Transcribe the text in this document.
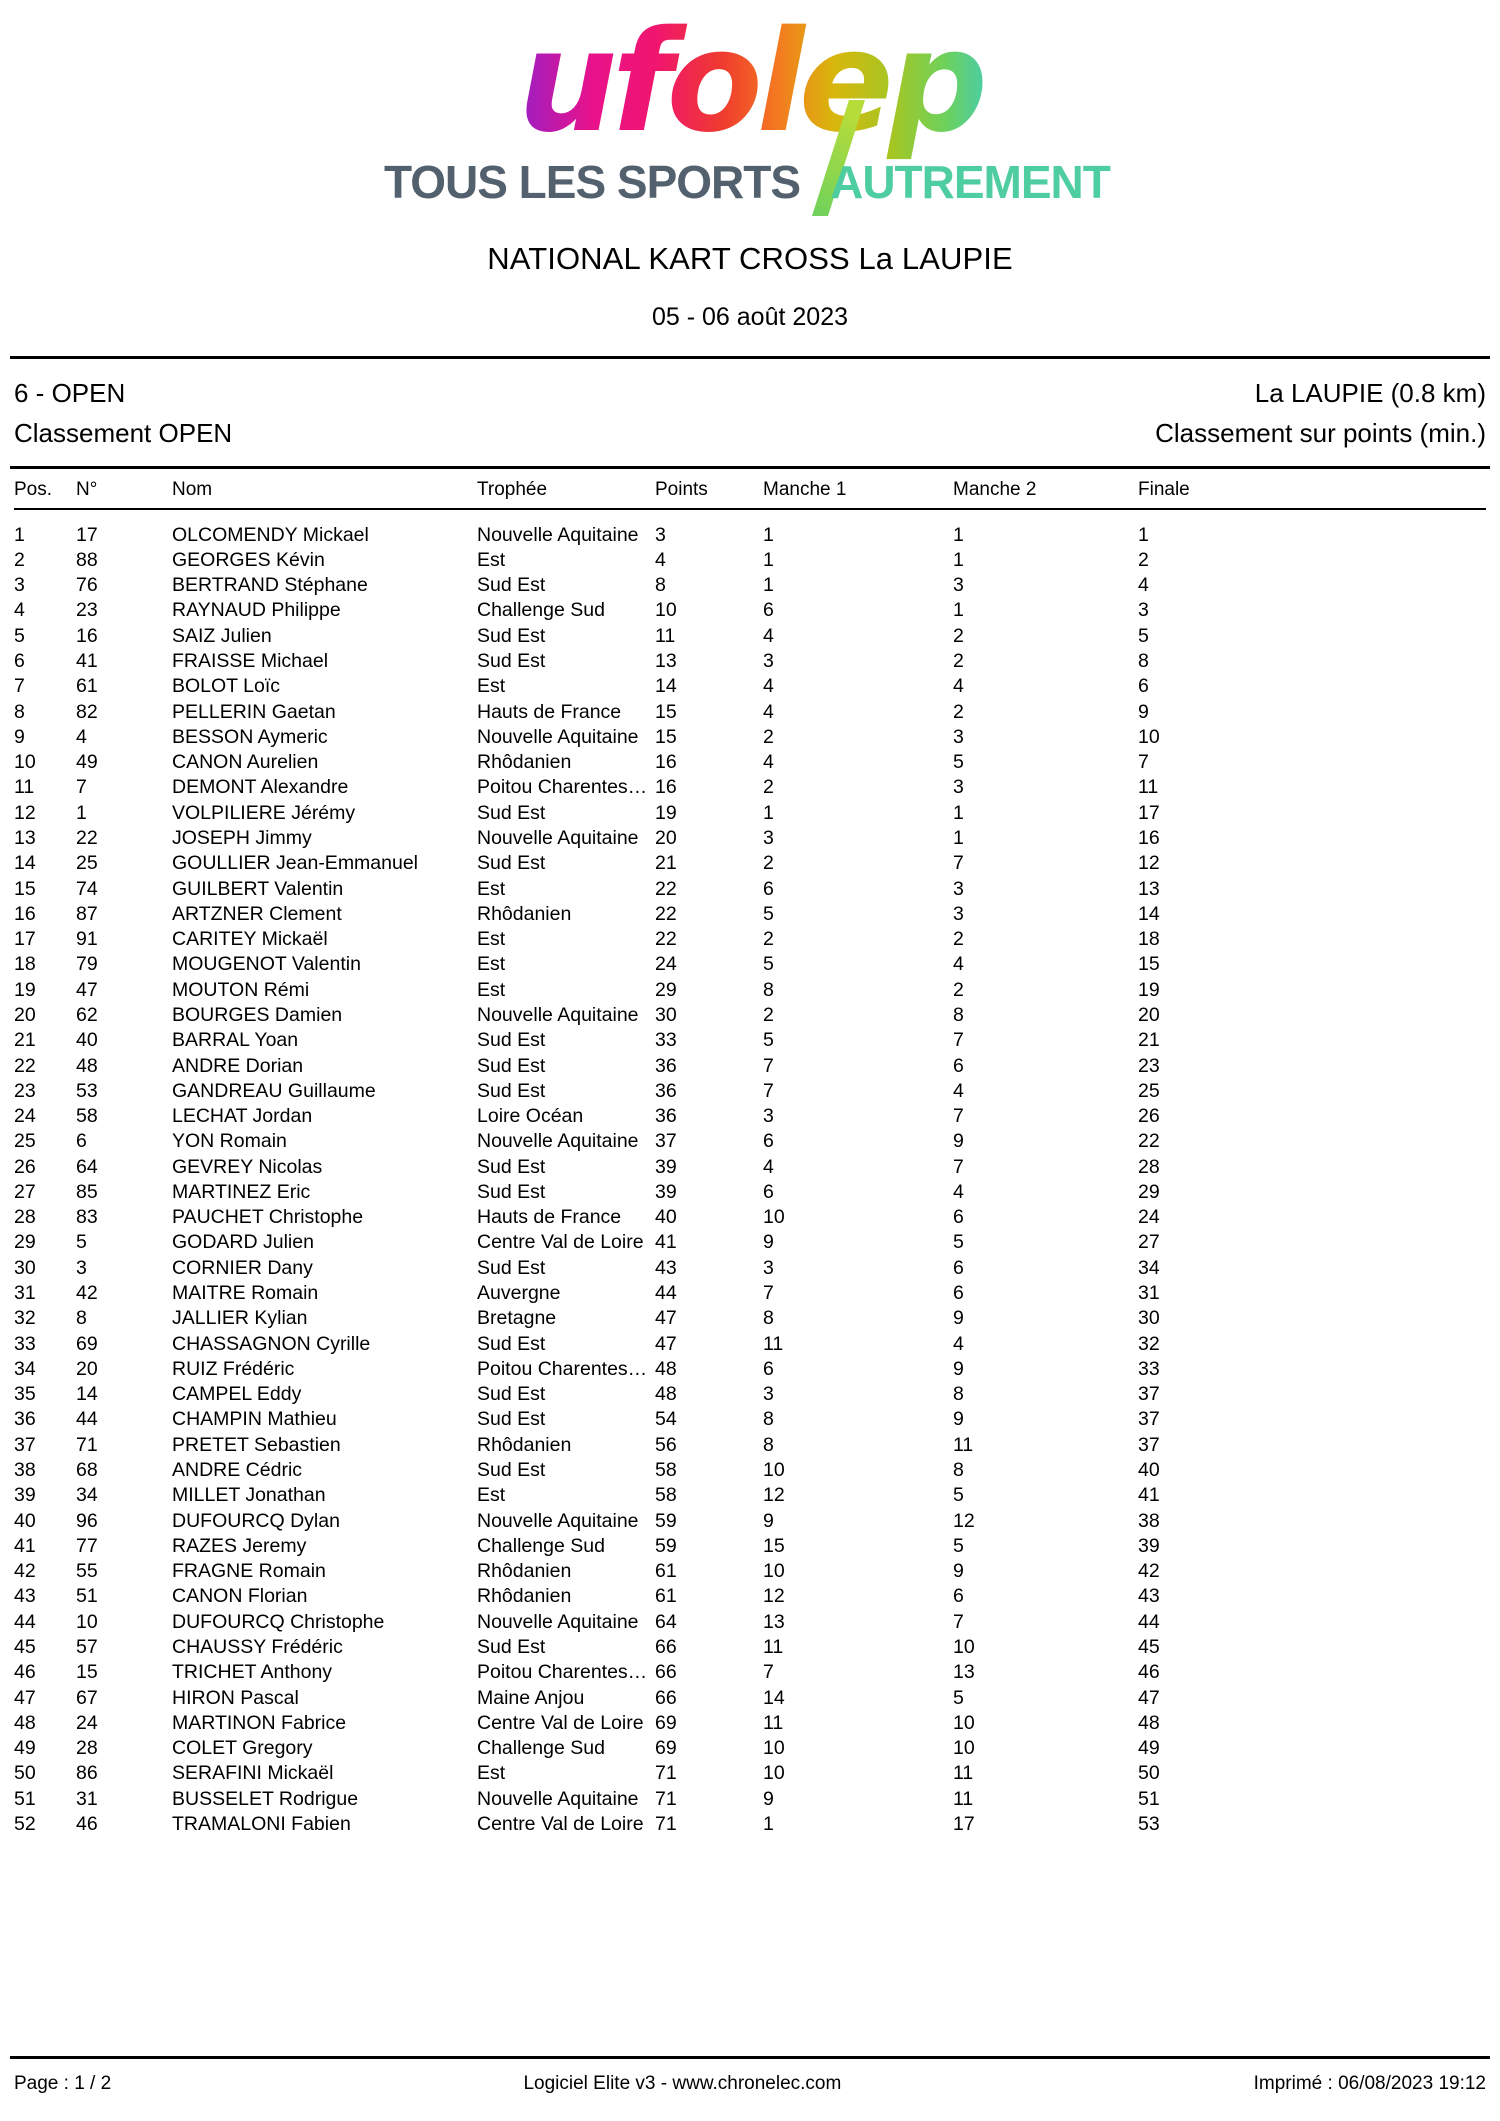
ufolep
TOUS LES SPORTS AUTREMENT
NATIONAL KART CROSS La LAUPIE
05 - 06 août 2023
6 - OPEN	La LAUPIE (0.8 km)
Classement OPEN	Classement sur points (min.)
Pos.	N°	Nom	Trophée	Points	Manche 1	Manche 2	Finale
1	17	OLCOMENDY Mickael	Nouvelle Aquitaine	3	1	1	1
2	88	GEORGES Kévin	Est	4	1	1	2
3	76	BERTRAND Stéphane	Sud Est	8	1	3	4
4	23	RAYNAUD Philippe	Challenge Sud	10	6	1	3
5	16	SAIZ Julien	Sud Est	11	4	2	5
6	41	FRAISSE Michael	Sud Est	13	3	2	8
7	61	BOLOT Loïc	Est	14	4	4	6
8	82	PELLERIN Gaetan	Hauts de France	15	4	2	9
9	4	BESSON Aymeric	Nouvelle Aquitaine	15	2	3	10
10	49	CANON Aurelien	Rhôdanien	16	4	5	7
11	7	DEMONT Alexandre	Poitou Charentes…	16	2	3	11
12	1	VOLPILIERE Jérémy	Sud Est	19	1	1	17
13	22	JOSEPH Jimmy	Nouvelle Aquitaine	20	3	1	16
14	25	GOULLIER Jean-Emmanuel	Sud Est	21	2	7	12
15	74	GUILBERT Valentin	Est	22	6	3	13
16	87	ARTZNER Clement	Rhôdanien	22	5	3	14
17	91	CARITEY Mickaël	Est	22	2	2	18
18	79	MOUGENOT Valentin	Est	24	5	4	15
19	47	MOUTON Rémi	Est	29	8	2	19
20	62	BOURGES Damien	Nouvelle Aquitaine	30	2	8	20
21	40	BARRAL Yoan	Sud Est	33	5	7	21
22	48	ANDRE Dorian	Sud Est	36	7	6	23
23	53	GANDREAU Guillaume	Sud Est	36	7	4	25
24	58	LECHAT Jordan	Loire Océan	36	3	7	26
25	6	YON Romain	Nouvelle Aquitaine	37	6	9	22
26	64	GEVREY Nicolas	Sud Est	39	4	7	28
27	85	MARTINEZ Eric	Sud Est	39	6	4	29
28	83	PAUCHET Christophe	Hauts de France	40	10	6	24
29	5	GODARD Julien	Centre Val de Loire	41	9	5	27
30	3	CORNIER Dany	Sud Est	43	3	6	34
31	42	MAITRE Romain	Auvergne	44	7	6	31
32	8	JALLIER Kylian	Bretagne	47	8	9	30
33	69	CHASSAGNON Cyrille	Sud Est	47	11	4	32
34	20	RUIZ Frédéric	Poitou Charentes…	48	6	9	33
35	14	CAMPEL Eddy	Sud Est	48	3	8	37
36	44	CHAMPIN Mathieu	Sud Est	54	8	9	37
37	71	PRETET Sebastien	Rhôdanien	56	8	11	37
38	68	ANDRE Cédric	Sud Est	58	10	8	40
39	34	MILLET Jonathan	Est	58	12	5	41
40	96	DUFOURCQ Dylan	Nouvelle Aquitaine	59	9	12	38
41	77	RAZES Jeremy	Challenge Sud	59	15	5	39
42	55	FRAGNE Romain	Rhôdanien	61	10	9	42
43	51	CANON Florian	Rhôdanien	61	12	6	43
44	10	DUFOURCQ Christophe	Nouvelle Aquitaine	64	13	7	44
45	57	CHAUSSY Frédéric	Sud Est	66	11	10	45
46	15	TRICHET Anthony	Poitou Charentes…	66	7	13	46
47	67	HIRON Pascal	Maine Anjou	66	14	5	47
48	24	MARTINON Fabrice	Centre Val de Loire	69	11	10	48
49	28	COLET Gregory	Challenge Sud	69	10	10	49
50	86	SERAFINI Mickaël	Est	71	10	11	50
51	31	BUSSELET Rodrigue	Nouvelle Aquitaine	71	9	11	51
52	46	TRAMALONI Fabien	Centre Val de Loire	71	1	17	53
Page : 1 / 2	Logiciel Elite v3 - www.chronelec.com	Imprimé : 06/08/2023 19:12
